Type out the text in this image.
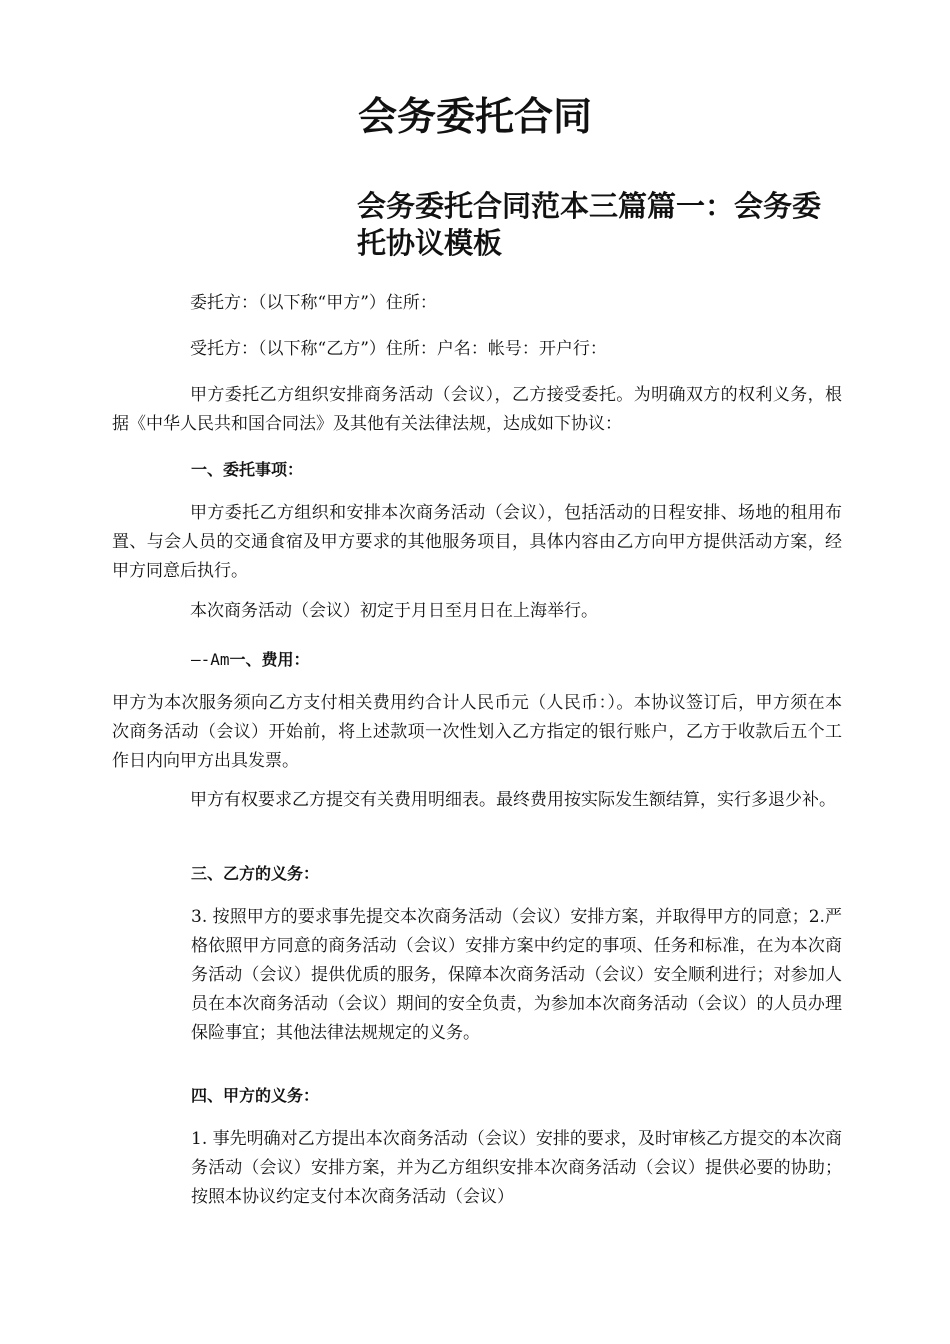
会务委托合同
会务委托合同范本三篇篇一：会务委托协议模板

委托方：（以下称“甲方”）住所：

受托方：（以下称“乙方”）住所：户名：帐号：开户行：

甲方委托乙方组织安排商务活动（会议），乙方接受委托。为明确双方的权利义务，根据《中华人民共和国合同法》及其他有关法律法规，达成如下协议：

一、委托事项：

甲方委托乙方组织和安排本次商务活动（会议），包括活动的日程安排、场地的租用布置、与会人员的交通食宿及甲方要求的其他服务项目，具体内容由乙方向甲方提供活动方案，经甲方同意后执行。

本次商务活动（会议）初定于月日至月日在上海举行。

—-Am一、费用：

甲方为本次服务须向乙方支付相关费用约合计人民币元（人民币：）。本协议签订后，甲方须在本次商务活动（会议）开始前，将上述款项一次性划入乙方指定的银行账户，乙方于收款后五个工作日内向甲方出具发票。

甲方有权要求乙方提交有关费用明细表。最终费用按实际发生额结算，实行多退少补。

三、乙方的义务：

3. 按照甲方的要求事先提交本次商务活动（会议）安排方案，并取得甲方的同意；2.严格依照甲方同意的商务活动（会议）安排方案中约定的事项、任务和标准，在为本次商务活动（会议）提供优质的服务，保障本次商务活动（会议）安全顺利进行；对参加人员在本次商务活动（会议）期间的安全负责，为参加本次商务活动（会议）的人员办理保险事宜；其他法律法规规定的义务。

四、甲方的义务：

1. 事先明确对乙方提出本次商务活动（会议）安排的要求，及时审核乙方提交的本次商务活动（会议）安排方案，并为乙方组织安排本次商务活动（会议）提供必要的协助；按照本协议约定支付本次商务活动（会议）
